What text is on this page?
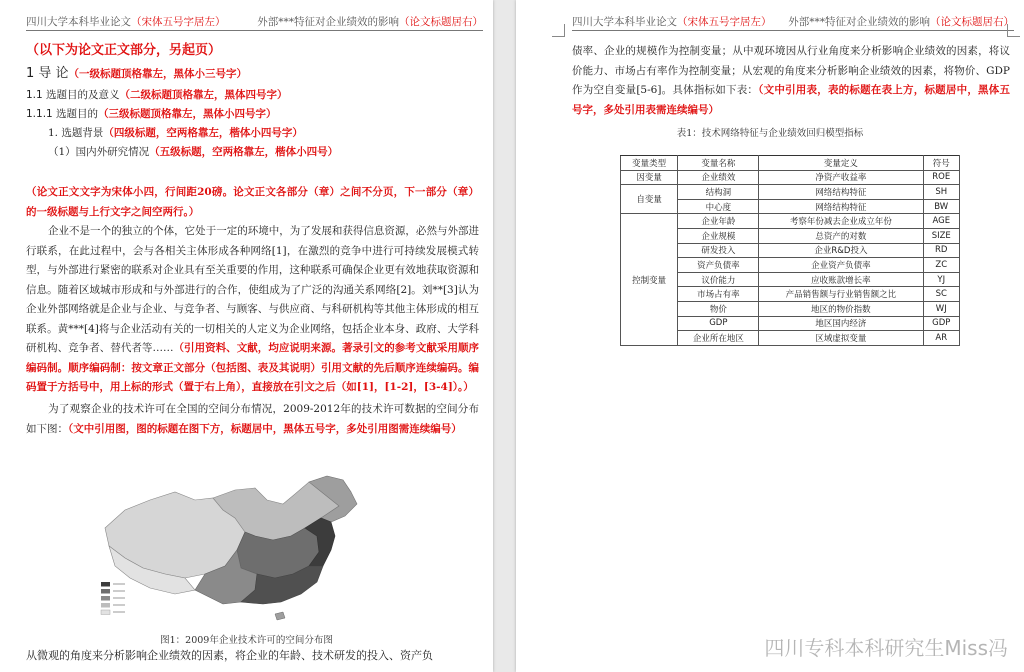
四川大学本科毕业论文（宋体五号字居左）	外部***特征对企业绩效的影响（论文标题居右）
（以下为论文正文部分，另起页）
1 导 论（一级标题顶格靠左，黑体小三号字）
1.1 选题目的及意义（二级标题顶格靠左，黑体四号字）
1.1.1 选题目的（三级标题顶格靠左，黑体小四号字）
1. 选题背景（四级标题，空两格靠左，楷体小四号字）
（1）国内外研究情况（五级标题，空两格靠左，楷体小四号）
（论文正文文字为宋体小四，行间距20磅。论文正文各部分（章）之间不分页，下一部分（章）的一级标题与上行文字之间空两行。）
企业不是一个的独立的个体，它处于一定的环境中，为了发展和获得信息资源，必然与外部进行联系，在此过程中，会与各相关主体形成各种网络[1]，在激烈的竞争中进行可持续发展模式转型，与外部进行紧密的联系对企业具有至关重要的作用，这种联系可确保企业更有效地获取资源和信息。随着区域城市形成和与外部进行的合作，使组成为了广泛的沟通关系网络[2]。刘**[3]认为企业外部网络就是企业与企业、与竞争者、与顾客、与供应商、与科研机构等其他主体形成的相互联系。黄***[4]将与企业活动有关的一切相关的人定义为企业网络，包括企业本身、政府、大学科研机构、竞争者、替代者等……（引用资料、文献，均应说明来源。著录引文的参考文献采用顺序编码制。顺序编码制：按文章正文部分（包括图、表及其说明）引用文献的先后顺序连续编码。编码置于方括号中，用上标的形式（置于右上角），直接放在引文之后（如[1]，[1-2]，[3-4]）。）
为了观察企业的技术许可在全国的空间分布情况，2009-2012年的技术许可数据的空间分布如下图：（文中引用图，图的标题在图下方，标题居中，黑体五号字，多处引用图需连续编号）
图1：2009年企业技术许可的空间分布图
从微观的角度来分析影响企业绩效的因素，将企业的年龄、技术研发的投入、资产负
四川大学本科毕业论文（宋体五号字居左） 外部***特征对企业绩效的影响（论文标题居右）
债率、企业的规模作为控制变量；从中观环境因从行业角度来分析影响企业绩效的因素，将议价能力、市场占有率作为控制变量；从宏观的角度来分析影响企业绩效的因素，将物价、GDP作为空自变量[5-6]。具体指标如下表：（文中引用表，表的标题在表上方，标题居中，黑体五号字，多处引用表需连续编号）
表1：技术网络特征与企业绩效回归模型指标
变量类型	变量名称	变量定义	符号
因变量	企业绩效	净资产收益率	ROE
自变量	结构洞	网络结构特征	SH
	中心度	网络结构特征	BW
控制变量	企业年龄	考察年份减去企业成立年份	AGE
	企业规模	总资产的对数	SIZE
	研发投入	企业R&D投入	RD
	资产负债率	企业资产负债率	ZC
	议价能力	应收账款增长率	YJ
	市场占有率	产品销售额与行业销售额之比	SC
	物价	地区的物价指数	WJ
	GDP	地区国内经济	GDP
	企业所在地区	区域虚拟变量	AR
四川专科本科研究生Miss冯
